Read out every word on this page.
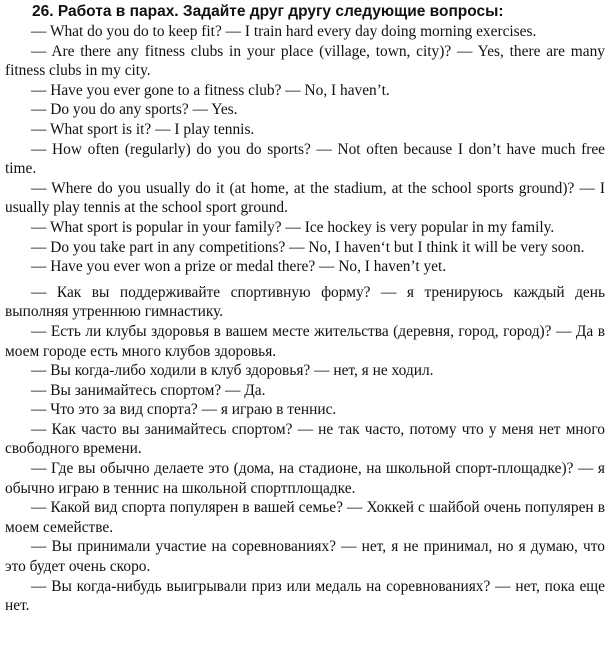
26. Работа в парах. Задайте друг другу следующие вопросы:

— What do you do to keep fit? — I train hard every day doing morning exercises.

— Are there any fitness clubs in your place (village, town, city)? — Yes, there are many fitness clubs in my city.

— Have you ever gone to a fitness club? — No, I haven’t.

— Do you do any sports? — Yes.

— What sport is it? — I play tennis.

— How often (regularly) do you do sports? — Not often because I don’t have much free time.

— Where do you usually do it (at home, at the stadium, at the school sports ground)? — I usually play tennis at the school sport ground.

— What sport is popular in your family? — Ice hockey is very popular in my family.

— Do you take part in any competitions? — No, I haven‘t but I think it will be very soon.

— Have you ever won a prize or medal there? — No, I haven’t yet.

— Как вы поддерживайте спортивную форму? — я тренируюсь каждый день выполняя утреннюю гимнастику.

— Есть ли клубы здоровья в вашем месте жительства (деревня, город, город)? — Да в моем городе есть много клубов здоровья.

— Вы когда-либо ходили в клуб здоровья? — нет, я не ходил.

— Вы занимайтесь спортом? — Да.

— Что это за вид спорта? — я играю в теннис.

— Как часто вы занимайтесь спортом? — не так часто, потому что у меня нет много свободного времени.

— Где вы обычно делаете это (дома, на стадионе, на школьной спорт-площадке)? — я обычно играю в теннис на школьной спортплощадке.

— Какой вид спорта популярен в вашей семье? — Хоккей с шайбой очень популярен в моем семействе.

— Вы принимали участие на соревнованиях? — нет, я не принимал, но я думаю, что это будет очень скоро.

— Вы когда-нибудь выигрывали приз или медаль на соревнованиях? — нет, пока еще нет.
